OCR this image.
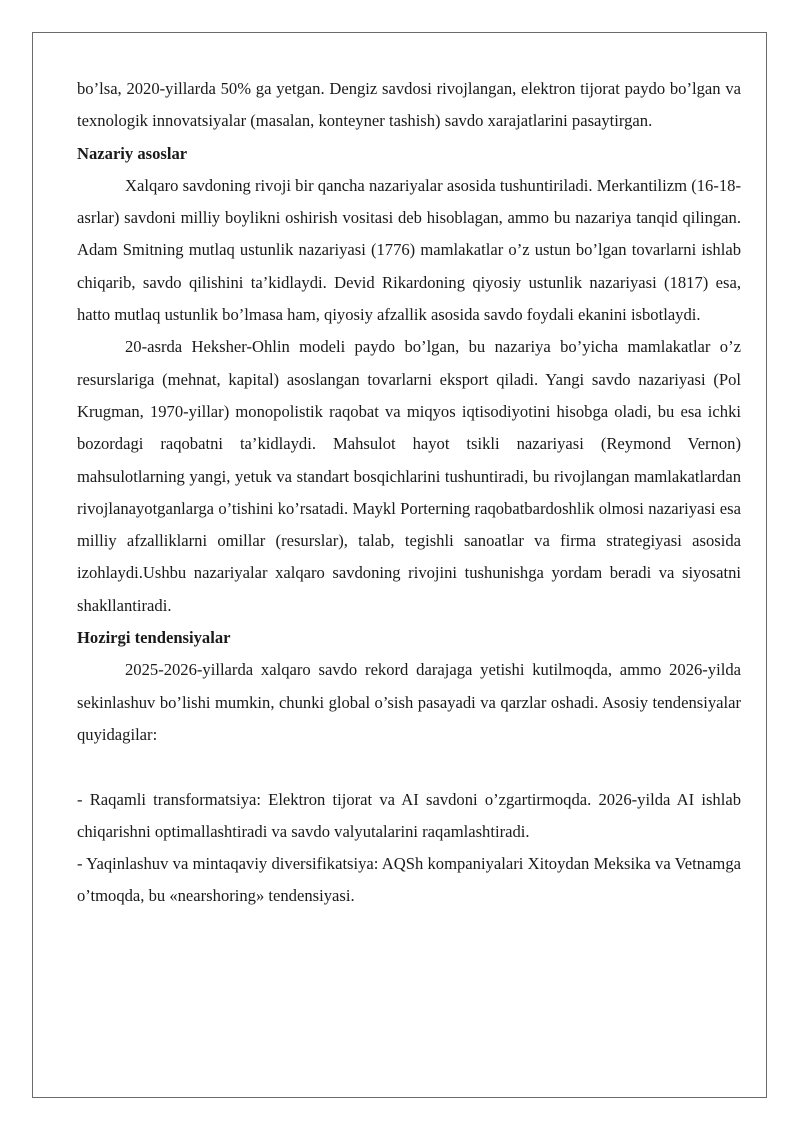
bo’lsa, 2020-yillarda 50% ga yetgan. Dengiz savdosi rivojlangan, elektron tijorat paydo bo’lgan va texnologik innovatsiyalar (masalan, konteyner tashish) savdo xarajatlarini pasaytirgan.

Nazariy asoslar

Xalqaro savdoning rivoji bir qancha nazariyalar asosida tushuntiriladi. Merkantilizm (16-18-asrlar) savdoni milliy boylikni oshirish vositasi deb hisoblagan, ammo bu nazariya tanqid qilingan. Adam Smitning mutlaq ustunlik nazariyasi (1776) mamlakatlar o’z ustun bo’lgan tovarlarni ishlab chiqarib, savdo qilishini ta’kidlaydi. Devid Rikardoning qiyosiy ustunlik nazariyasi (1817) esa, hatto mutlaq ustunlik bo’lmasa ham, qiyosiy afzallik asosida savdo foydali ekanini isbotlaydi.

20-asrda Heksher-Ohlin modeli paydo bo’lgan, bu nazariya bo’yicha mamlakatlar o’z resurslariga (mehnat, kapital) asoslangan tovarlarni eksport qiladi. Yangi savdo nazariyasi (Pol Krugman, 1970-yillar) monopolistik raqobat va miqyos iqtisodiyotini hisobga oladi, bu esa ichki bozordagi raqobatni ta’kidlaydi. Mahsulot hayot tsikli nazariyasi (Reymond Vernon) mahsulotlarning yangi, yetuk va standart bosqichlarini tushuntiradi, bu rivojlangan mamlakatlardan rivojlanayotganlarga o’tishini ko’rsatadi. Maykl Porterning raqobatbardoshlik olmosi nazariyasi esa milliy afzalliklarni omillar (resurslar), talab, tegishli sanoatlar va firma strategiyasi asosida izohlaydi.Ushbu nazariyalar xalqaro savdoning rivojini tushunishga yordam beradi va siyosatni shakllantiradi.

Hozirgi tendensiyalar

2025-2026-yillarda xalqaro savdo rekord darajaga yetishi kutilmoqda, ammo 2026-yilda sekinlashuv bo’lishi mumkin, chunki global o’sish pasayadi va qarzlar oshadi. Asosiy tendensiyalar quyidagilar:

- Raqamli transformatsiya: Elektron tijorat va AI savdoni o’zgartirmoqda. 2026-yilda AI ishlab chiqarishni optimallashtiradi va savdo valyutalarini raqamlashtiradi.

- Yaqinlashuv va mintaqaviy diversifikatsiya: AQSh kompaniyalari Xitoydan Meksika va Vetnamga o’tmoqda, bu «nearshoring» tendensiyasi.
